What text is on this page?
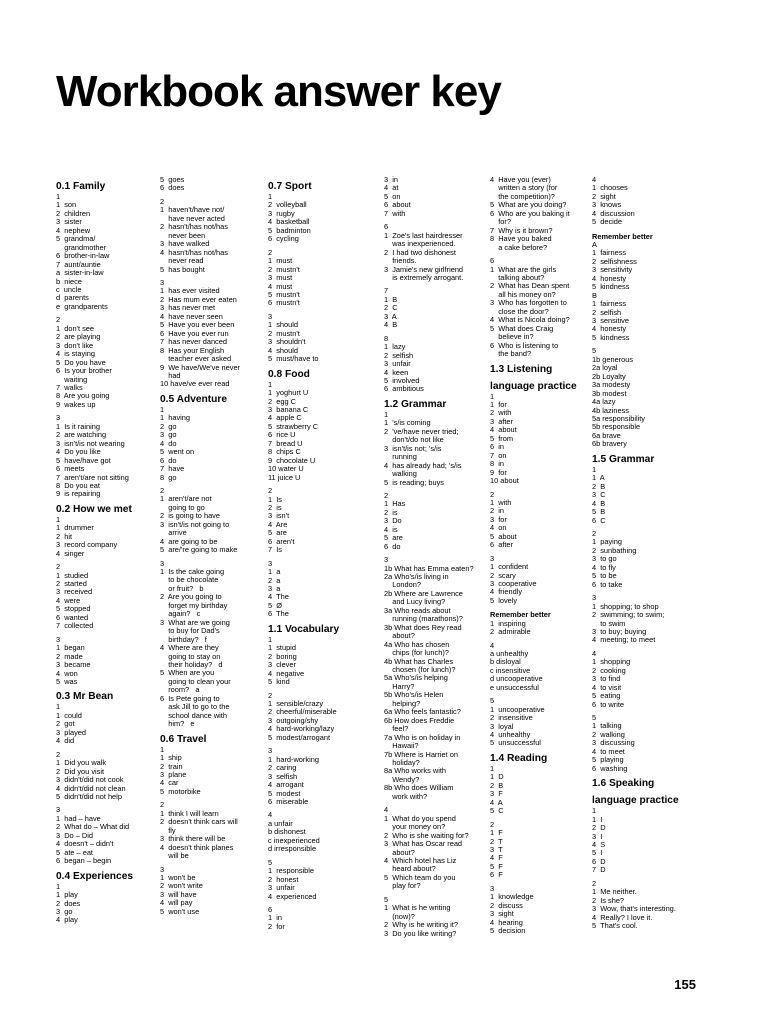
Workbook answer key
0.1 Family
1
1  son
2  children
3  sister
4  nephew
5  grandma/
grandmother
6  brother-in-law
7  aunt/auntie
a  sister-in-law
b  niece
c  uncle
d  parents
e  grandparents
2
1  don't see
2  are playing
3  don't like
4  is staying
5  Do you have
6  Is your brother
waiting
7  walks
8  Are you going
9  wakes up
3
1  Is it raining
2  are watching
3  isn't/is not wearing
4  Do you like
5  have/have got
6  meets
7  aren't/are not sitting
8  Do you eat
9  is repairing
0.2 How we met
1
1  drummer
2  hit
3  record company
4  singer
2
1  studied
2  started
3  received
4  were
5  stopped
6  wanted
7  collected
3
1  began
2  made
3  became
4  won
5  was
0.3 Mr Bean
1
1  could
2  got
3  played
4  did
2
1  Did you walk
2  Did you visit
3  didn't/did not cook
4  didn't/did not clean
5  didn't/did not help
3
1  had – have
2  What do – What did
3  Do – Did
4  doesn't – didn't
5  ate – eat
6  began – begin
0.4 Experiences
1
1  play
2  does
3  go
4  play
5  goes
6  does
2
1  haven't/have not/
have never acted
2  hasn't/has not/has
never been
3  have walked
4  hasn't/has not/has
never read
5  has bought
3
1  has ever visited
2  Has mum ever eaten
3  has never met
4  have never seen
5  Have you ever been
6  Have you ever run
7  has never danced
8  Has your English
teacher ever asked
9  We have/We've never
had
10 have/ve ever read
0.5 Adventure
1
1  having
2  go
3  go
4  do
5  went on
6  do
7  have
8  go
2
1  aren't/are not
going to go
2  is going to have
3  isn't/is not going to
arrive
4  are going to be
5  are/'re going to make
3
1  Is the cake going
to be chocolate
or fruit?   b
2  Are you going to
forget my birthday
again?   c
3  What are we going
to buy for Dad's
birthday?   f
4  Where are they
going to stay on
their holiday?   d
5  When are you
going to clean your
room?   a
6  Is Pete going to
ask Jill to go to the
school dance with
him?   e
0.6 Travel
1
1  ship
2  train
3  plane
4  car
5  motorbike
2
1  think I will learn
2  doesn't think cars will
fly
3  think there will be
4  doesn't think planes
will be
3
1  won't be
2  won't write
3  will have
4  will pay
5  won't use
0.7 Sport
1
2  volleyball
3  rugby
4  basketball
5  badminton
6  cycling
2
1  must
2  mustn't
3  must
4  must
5  mustn't
6  mustn't
3
1  should
2  mustn't
3  shouldn't
4  should
5  must/have to
0.8 Food
1
1  yoghurt U
2  egg C
3  banana C
4  apple C
5  strawberry C
6  rice U
7  bread U
8  chips C
9  chocolate U
10 water U
11 juice U
2
1  Is
2  is
3  isn't
4  Are
5  are
6  aren't
7  Is
3
1  a
2  a
3  a
4  The
5  Ø
6  The
1.1 Vocabulary
1
1  stupid
2  boring
3  clever
4  negative
5  kind
2
1  sensible/crazy
2  cheerful/miserable
3  outgoing/shy
4  hard-working/lazy
5  modest/arrogant
3
1  hard-working
2  caring
3  selfish
4  arrogant
5  modest
6  miserable
4
a unfair
b dishonest
c inexperienced
d irresponsible
5
1  responsible
2  honest
3  unfair
4  experienced
6
1  in
2  for
3  in
4  at
5  on
6  about
7  with
6
1  Zoe's last hairdresser
was inexperienced.
2  I had two dishonest
friends.
3  Jamie's new girlfriend
is extremely arrogant.
7
1  B
2  C
3  A
4  B
8
1  lazy
2  selfish
3  unfair
4  keen
5  involved
6  ambitious
1.2 Grammar
1
1  's/is coming
2  've/have never tried;
don't/do not like
3  isn't/is not; 's/is
running
4  has already had; 's/is
walking
5  is reading; buys
2
1  Has
2  is
3  Do
4  is
5  are
6  do
3
1b What has Emma eaten?
2a Who's/is living in
London?
2b Where are Lawrence
and Lucy living?
3a Who reads about
running (marathons)?
3b What does Rey read
about?
4a Who has chosen
chips (for lunch)?
4b What has Charles
chosen (for lunch)?
5a Who's/is helping
Harry?
5b Who's/is Helen
helping?
6a Who feels fantastic?
6b How does Freddie
feel?
7a Who is on holiday in
Hawaii?
7b Where is Harriet on
holiday?
8a Who works with
Wendy?
8b Who does William
work with?
4
1  What do you spend
your money on?
2  Who is she waiting for?
3  What has Oscar read
about?
4  Which hotel has Liz
heard about?
5  Which team do you
play for?
5
1  What is he writing
(now)?
2  Why is he writing it?
3  Do you like writing?
4  Have you (ever)
written a story (for
the competition)?
5  What are you doing?
6  Who are you baking it
for?
7  Why is it brown?
8  Have you baked
a cake before?
6
1  What are the girls
talking about?
2  What has Dean spent
all his money on?
3  Who has forgotten to
close the door?
4  What is Nicola doing?
5  What does Craig
believe in?
6  Who is listening to
the band?
1.3 Listening
language practice
1
1  for
2  with
3  after
4  about
5  from
6  in
7  on
8  in
9  for
10 about
2
1  with
2  in
3  for
4  on
5  about
6  after
3
1  confident
2  scary
3  cooperative
4  friendly
5  lovely
Remember better
1  inspiring
2  admirable
4
a unhealthy
b disloyal
c insensitive
d uncooperative
e unsuccessful
5
1  uncooperative
2  insensitive
3  loyal
4  unhealthy
5  unsuccessful
1.4 Reading
1
1  D
2  B
3  F
4  A
5  C
2
1  F
2  T
3  T
4  F
5  F
6  F
3
1  knowledge
2  discuss
3  sight
4  hearing
5  decision
4
1  chooses
2  sight
3  knows
4  discussion
5  decide
Remember better
A
1  fairness
2  selfishness
3  sensitivity
4  honesty
5  kindness
B
1  fairness
2  selfish
3  sensitive
4  honesty
5  kindness
5
1b generous
2a loyal
2b Loyalty
3a modesty
3b modest
4a lazy
4b laziness
5a responsibility
5b responsible
6a brave
6b bravery
1.5 Grammar
1
1  A
2  B
3  C
4  B
5  B
6  C
2
1  paying
2  sunbathing
3  to go
4  to fly
5  to be
6  to take
3
1  shopping; to shop
2  swimming; to swim;
to swim
3  to buy; buying
4  meeting; to meet
4
1  shopping
2  cooking
3  to find
4  to visit
5  eating
6  to write
5
1  talking
2  walking
3  discussing
4  to meet
5  playing
6  washing
1.6 Speaking
language practice
1
1  I
2  D
3  I
4  S
5  I
6  D
7  D
2
1  Me neither.
2  Is she?
3  Wow, that's interesting.
4  Really? I love it.
5  That's cool.
155
